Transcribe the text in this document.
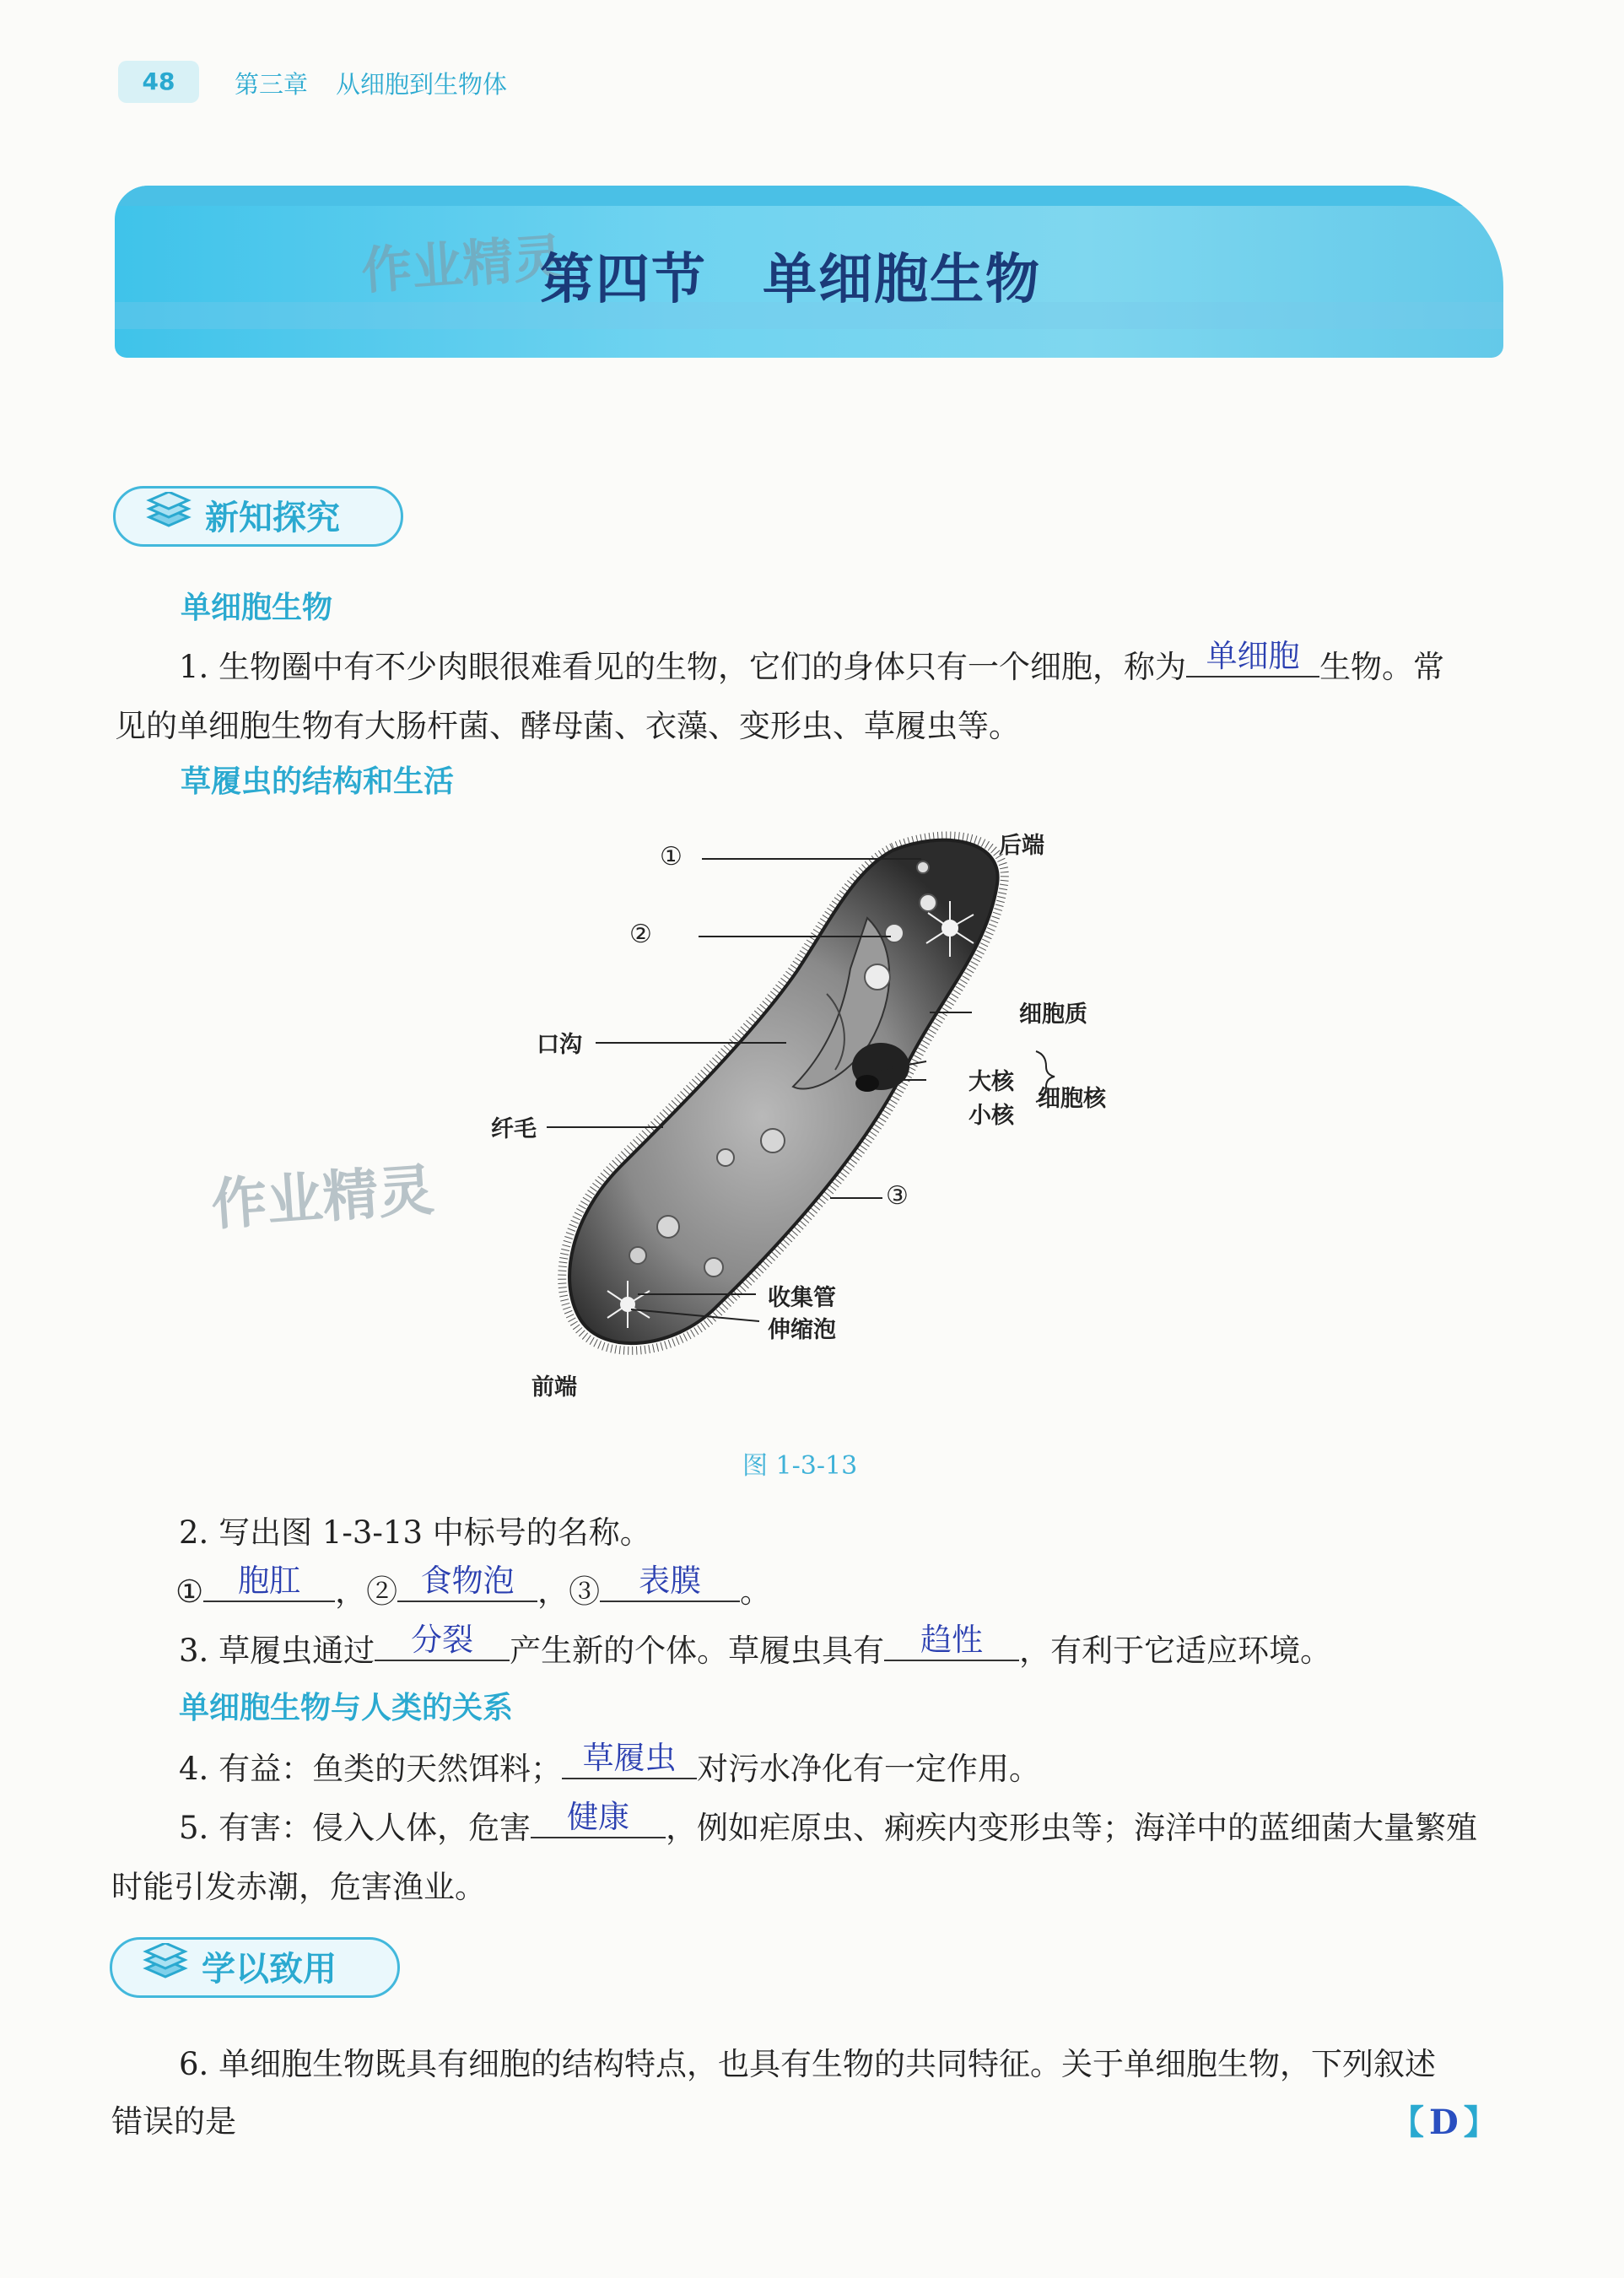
48	第三章 从细胞到生物体
作业精灵
第四节　单细胞生物
新知探究
单细胞生物
1. 生物圈中有不少肉眼很难看见的生物，它们的身体只有一个细胞，称为 单细胞 生物。常
见的单细胞生物有大肠杆菌、酵母菌、衣藻、变形虫、草履虫等。
草履虫的结构和生活
①	后端
②
细胞质
口沟
大核
小核
细胞核
纤毛
③
收集管
伸缩泡
前端
作业精灵
图 1-3-13
2. 写出图 1-3-13 中标号的名称。
①	胞肛	，② 食物泡 ，③	表膜	。
3. 草履虫通过	分裂	产生新的个体。草履虫具有	趋性	，有利于它适应环境。
单细胞生物与人类的关系
4. 有益：鱼类的天然饵料； 草履虫 对污水净化有一定作用。
5. 有害：侵入人体，危害	健康	，例如疟原虫、痢疾内变形虫等；海洋中的蓝细菌大量繁殖
时能引发赤潮，危害渔业。
学以致用
6. 单细胞生物既具有细胞的结构特点，也具有生物的共同特征。关于单细胞生物，下列叙述
错误的是	【D】
